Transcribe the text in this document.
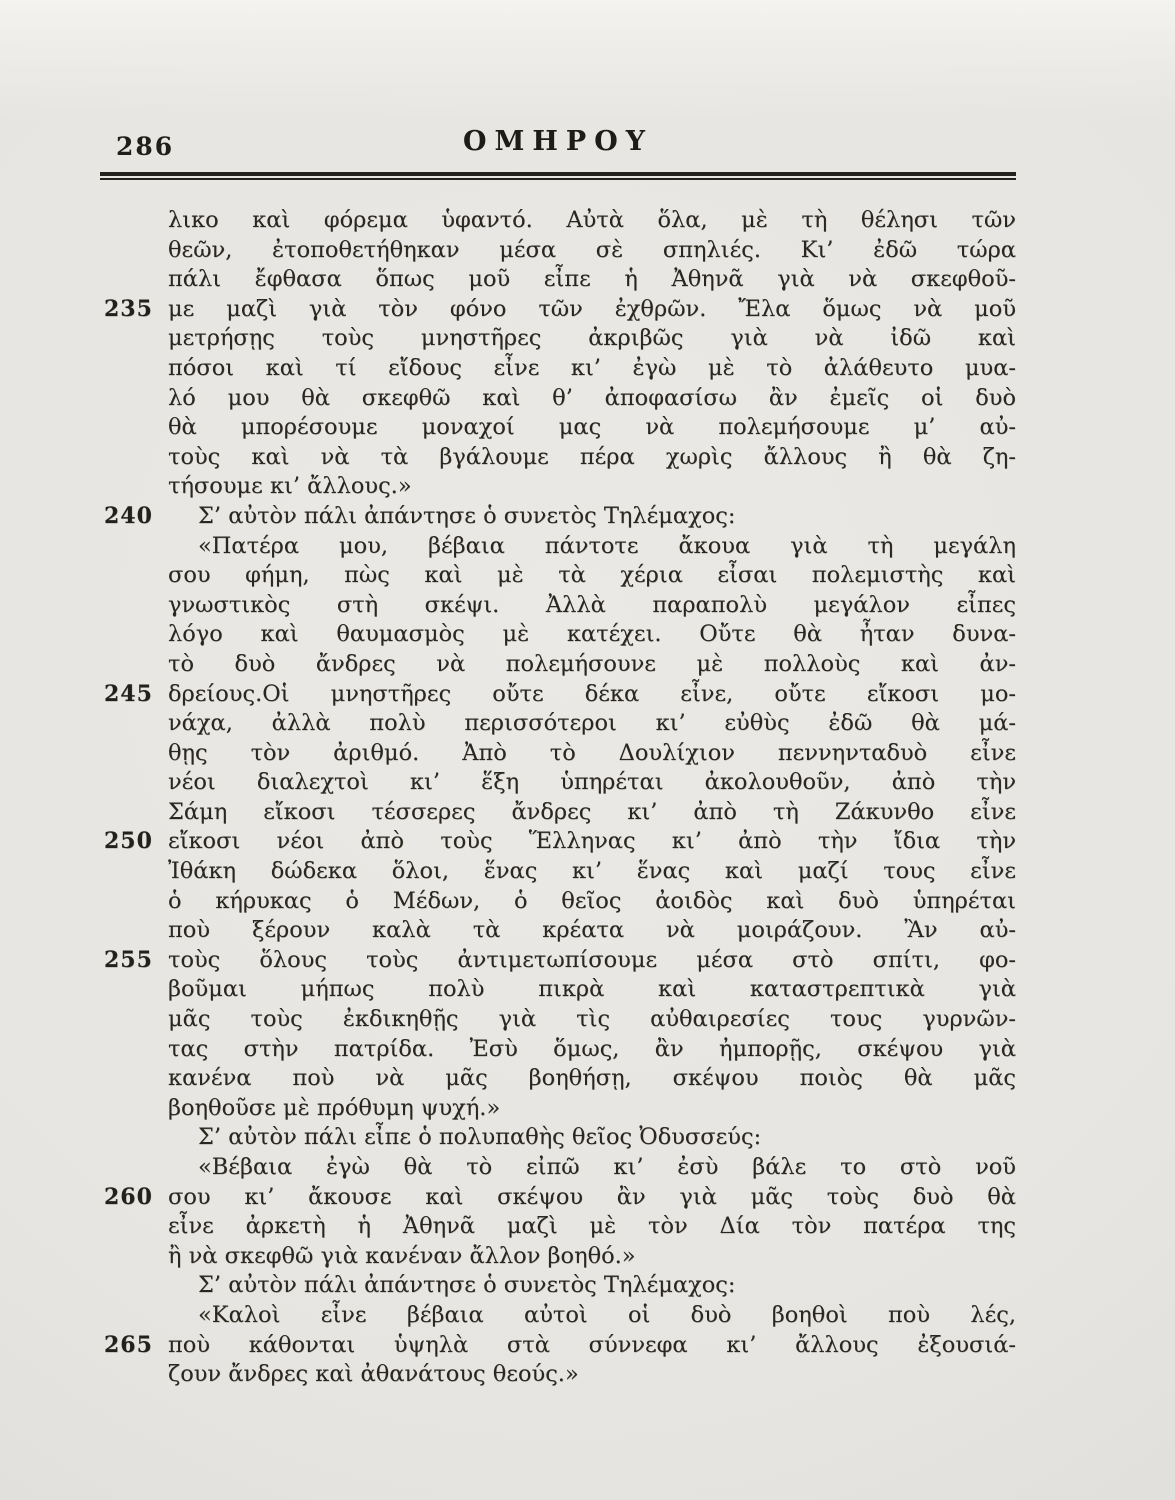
286	ΟΜΗΡΟΥ
λικο καὶ φόρεμα ὑφαντό. Αὐτὰ ὅλα, μὲ τὴ θέλησι τῶν
θεῶν, ἐτοποθετήθηκαν μέσα σὲ σπηλιές. Κι’ ἐδῶ τώρα
πάλι ἔφθασα ὅπως μοῦ εἶπε ἡ Ἀθηνᾶ γιὰ νὰ σκεφθοῦ-
235 με μαζὶ γιὰ τὸν φόνο τῶν ἐχθρῶν. Ἔλα ὅμως νὰ μοῦ
μετρήσῃς τοὺς μνηστῆρες ἀκριβῶς γιὰ νὰ ἰδῶ καὶ
πόσοι καὶ τί εἴδους εἶνε κι’ ἐγὼ μὲ τὸ ἀλάθευτο μυα-
λό μου θὰ σκεφθῶ καὶ θ’ ἀποφασίσω ἂν ἐμεῖς οἱ δυὸ
θὰ μπορέσουμε μοναχοί μας νὰ πολεμήσουμε μ’ αὐ-
τοὺς καὶ νὰ τὰ βγάλουμε πέρα χωρὶς ἄλλους ἢ θὰ ζη-
τήσουμε κι’ ἄλλους.»
240	Σ’ αὐτὸν πάλι ἀπάντησε ὁ συνετὸς Τηλέμαχος:
«Πατέρα μου, βέβαια πάντοτε ἄκουα γιὰ τὴ μεγάλη
σου φήμη, πὼς καὶ μὲ τὰ χέρια εἶσαι πολεμιστὴς καὶ
γνωστικὸς στὴ σκέψι. Ἀλλὰ παραπολὺ μεγάλον εἶπες
λόγο καὶ θαυμασμὸς μὲ κατέχει. Οὔτε θὰ ἦταν δυνα-
τὸ δυὸ ἄνδρες νὰ πολεμήσουνε μὲ πολλοὺς καὶ ἀν-
245 δρείους.Οἱ μνηστῆρες οὔτε δέκα εἶνε, οὔτε εἴκοσι μο-
νάχα, ἀλλὰ πολὺ περισσότεροι κι’ εὐθὺς ἐδῶ θὰ μά-
θῃς τὸν ἀριθμό. Ἀπὸ τὸ Δουλίχιον πεννηνταδυὸ εἶνε
νέοι διαλεχτοὶ κι’ ἕξη ὑπηρέται ἀκολουθοῦν, ἀπὸ τὴν
Σάμη εἴκοσι τέσσερες ἄνδρες κι’ ἀπὸ τὴ Ζάκυνθο εἶνε
250 εἴκοσι νέοι ἀπὸ τοὺς Ἕλληνας κι’ ἀπὸ τὴν ἴδια τὴν
Ἰθάκη δώδεκα ὅλοι, ἕνας κι’ ἕνας καὶ μαζί τους εἶνε
ὁ κήρυκας ὁ Μέδων, ὁ θεῖος ἀοιδὸς καὶ δυὸ ὑπηρέται
ποὺ ξέρουν καλὰ τὰ κρέατα νὰ μοιράζουν. Ἂν αὐ-
255 τοὺς ὅλους τοὺς ἀντιμετωπίσουμε μέσα στὸ σπίτι, φο-
βοῦμαι μήπως πολὺ πικρὰ καὶ καταστρεπτικὰ γιὰ
μᾶς τοὺς ἐκδικηθῇς γιὰ τὶς αὐθαιρεσίες τους γυρνῶν-
τας στὴν πατρίδα. Ἐσὺ ὅμως, ἂν ἠμπορῇς, σκέψου γιὰ
κανένα ποὺ νὰ μᾶς βοηθήσῃ, σκέψου ποιὸς θὰ μᾶς
βοηθοῦσε μὲ πρόθυμη ψυχή.»
Σ’ αὐτὸν πάλι εἶπε ὁ πολυπαθὴς θεῖος Ὀδυσσεύς:
«Βέβαια ἐγὼ θὰ τὸ εἰπῶ κι’ ἐσὺ βάλε το στὸ νοῦ
260 σου κι’ ἄκουσε καὶ σκέψου ἂν γιὰ μᾶς τοὺς δυὸ θὰ
εἶνε ἀρκετὴ ἡ Ἀθηνᾶ μαζὶ μὲ τὸν Δία τὸν πατέρα της
ἢ νὰ σκεφθῶ γιὰ κανέναν ἄλλον βοηθό.»
Σ’ αὐτὸν πάλι ἀπάντησε ὁ συνετὸς Τηλέμαχος:
«Καλοὶ εἶνε βέβαια αὐτοὶ οἱ δυὸ βοηθοὶ ποὺ λές,
265 ποὺ κάθονται ὑψηλὰ στὰ σύννεφα κι’ ἄλλους ἐξουσιά-
ζουν ἄνδρες καὶ ἀθανάτους θεούς.»
